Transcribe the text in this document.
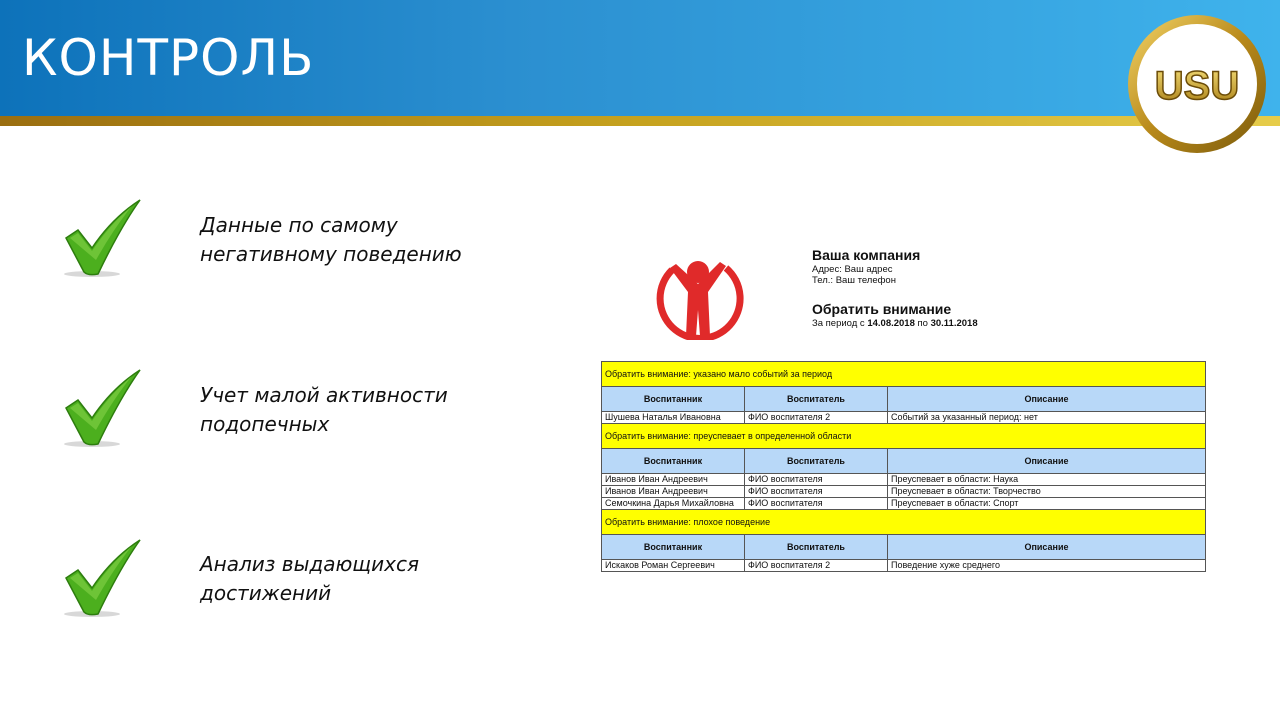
КОНТРОЛЬ	USU
Данные по самому негативному поведению
Учет малой активности подопечных
Анализ выдающихся достижений
Ваша компания
Адрес: Ваш адрес
Тел.: Ваш телефон
Обратить внимание
За период с 14.08.2018 по 30.11.2018
Обратить внимание: указано мало событий за период		
Воспитанник	Воспитатель	Описание
Шушева Наталья Ивановна	ФИО воспитателя 2	Событий за указанный период: нет
Обратить внимание: преуспевает в определенной области		
Воспитанник	Воспитатель	Описание
Иванов Иван Андреевич	ФИО воспитателя	Преуспевает в области: Наука
Иванов Иван Андреевич	ФИО воспитателя	Преуспевает в области: Творчество
Семочкина Дарья Михайловна	ФИО воспитателя	Преуспевает в области: Спорт
Обратить внимание: плохое поведение		
Воспитанник	Воспитатель	Описание
Искаков Роман Сергеевич	ФИО воспитателя 2	Поведение хуже среднего
